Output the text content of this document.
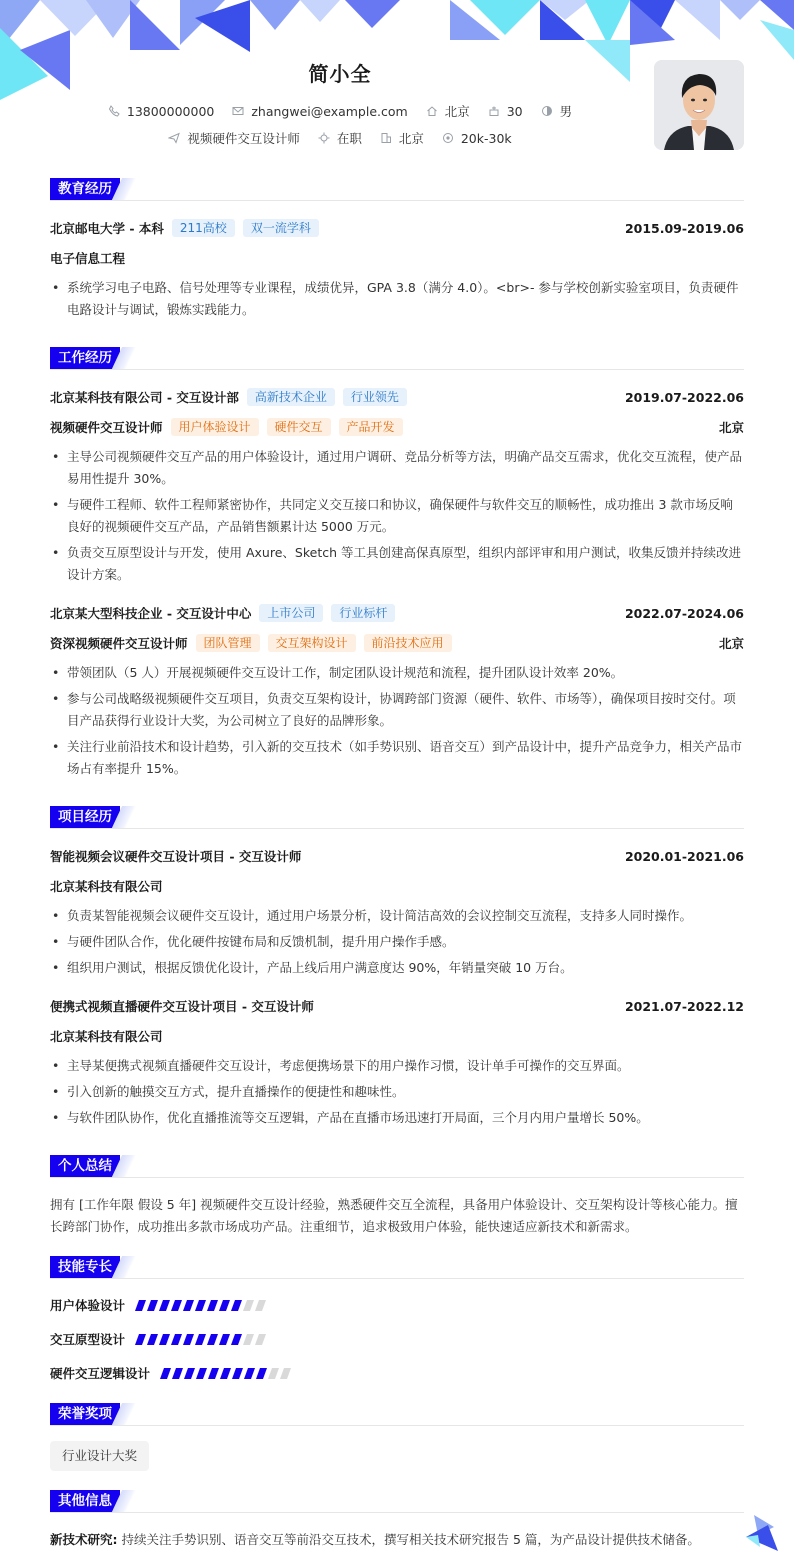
简小全
13800000000
	zhangwei@example.com
	北京
	30
	男
视频硬件交互设计师
	在职
	北京
	20k-30k
教育经历
北京邮电大学 - 本科	211高校	双一流学科	2015.09-2019.06
电子信息工程
• 系统学习电子电路、信号处理等专业课程，成绩优异，GPA 3.8（满分 4.0）。<br>- 参与学校创新实验室项目，负责硬件电路设计与调试，锻炼实践能力。
工作经历
北京某科技有限公司 - 交互设计部	高新技术企业	行业领先	2019.07-2022.06
视频硬件交互设计师	用户体验设计	硬件交互	产品开发	北京
• 主导公司视频硬件交互产品的用户体验设计，通过用户调研、竞品分析等方法，明确产品交互需求，优化交互流程，使产品易用性提升 30%。
• 与硬件工程师、软件工程师紧密协作，共同定义交互接口和协议，确保硬件与软件交互的顺畅性，成功推出 3 款市场反响良好的视频硬件交互产品，产品销售额累计达 5000 万元。
• 负责交互原型设计与开发，使用 Axure、Sketch 等工具创建高保真原型，组织内部评审和用户测试，收集反馈并持续改进设计方案。
北京某大型科技企业 - 交互设计中心	上市公司	行业标杆	2022.07-2024.06
资深视频硬件交互设计师	团队管理	交互架构设计	前沿技术应用	北京
• 带领团队（5 人）开展视频硬件交互设计工作，制定团队设计规范和流程，提升团队设计效率 20%。
• 参与公司战略级视频硬件交互项目，负责交互架构设计，协调跨部门资源（硬件、软件、市场等），确保项目按时交付。项目产品获得行业设计大奖，为公司树立了良好的品牌形象。
• 关注行业前沿技术和设计趋势，引入新的交互技术（如手势识别、语音交互）到产品设计中，提升产品竞争力，相关产品市场占有率提升 15%。
项目经历
智能视频会议硬件交互设计项目 - 交互设计师	2020.01-2021.06
北京某科技有限公司
• 负责某智能视频会议硬件交互设计，通过用户场景分析，设计简洁高效的会议控制交互流程，支持多人同时操作。
• 与硬件团队合作，优化硬件按键布局和反馈机制，提升用户操作手感。
• 组织用户测试，根据反馈优化设计，产品上线后用户满意度达 90%，年销量突破 10 万台。
便携式视频直播硬件交互设计项目 - 交互设计师	2021.07-2022.12
北京某科技有限公司
• 主导某便携式视频直播硬件交互设计，考虑便携场景下的用户操作习惯，设计单手可操作的交互界面。
• 引入创新的触摸交互方式，提升直播操作的便捷性和趣味性。
• 与软件团队协作，优化直播推流等交互逻辑，产品在直播市场迅速打开局面，三个月内用户量增长 50%。
个人总结
拥有 [工作年限 假设 5 年] 视频硬件交互设计经验，熟悉硬件交互全流程，具备用户体验设计、交互架构设计等核心能力。擅长跨部门协作，成功推出多款市场成功产品。注重细节，追求极致用户体验，能快速适应新技术和新需求。
技能专长
用户体验设计
交互原型设计
硬件交互逻辑设计
荣誉奖项
行业设计大奖
其他信息
新技术研究: 持续关注手势识别、语音交互等前沿交互技术，撰写相关技术研究报告 5 篇，为产品设计提供技术储备。
